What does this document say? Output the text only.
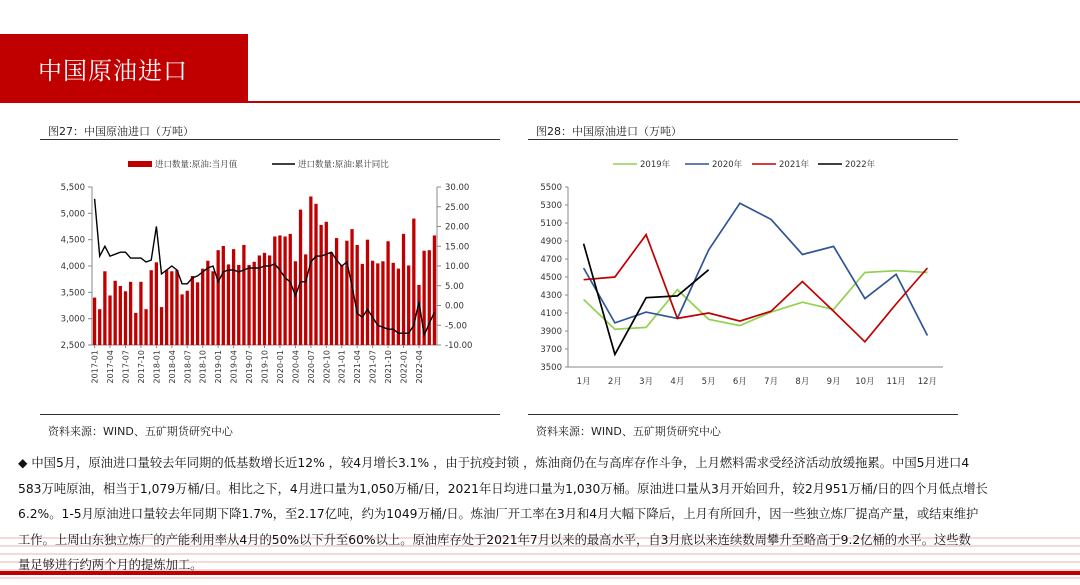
中国原油进口
图27：中国原油进口（万吨）
进口数量:原油:当月值	进口数量:原油:累计同比
5,500
5,000
4,500
4,000
3,500
3,000
2,500
30.00
25.00
20.00
15.00
10.00
5.00
0.00
-5.00
-10.00
2017-01 2017-04 2017-07 2017-10 2018-01 2018-04 2018-07 2018-10 2019-01 2019-04 2019-07 2019-10 2020-01 2020-04 2020-07 2020-10 2021-01 2021-04 2021-07 2021-10 2022-01 2022-04
资料来源：WIND、五矿期货研究中心
图28：中国原油进口（万吨）
2019年	2020年	2021年	2022年
5500
5300
5100
4900
4700
4500
4300
4100
3900
3700
3500
1月 2月 3月 4月 5月 6月 7月 8月 9月 10月 11月 12月
资料来源：WIND、五矿期货研究中心

◆ 中国5月，原油进口量较去年同期的低基数增长近12% ，较4月增长3.1% ，由于抗疫封锁 ，炼油商仍在与高库存作斗争，上月燃料需求受经济活动放缓拖累。中国5月进口4

583万吨原油，相当于1,079万桶/日。相比之下，4月进口量为1,050万桶/日，2021年日均进口量为1,030万桶。原油进口量从3月开始回升，较2月951万桶/日的四个月低点增长

6.2%。1-5月原油进口量较去年同期下降1.7%，至2.17亿吨，约为1049万桶/日。炼油厂开工率在3月和4月大幅下降后，上月有所回升，因一些独立炼厂提高产量，或结束维护

工作。上周山东独立炼厂的产能利用率从4月的50%以下升至60%以上。原油库存处于2021年7月以来的最高水平，自3月底以来连续数周攀升至略高于9.2亿桶的水平。这些数

量足够进行约两个月的提炼加工。
